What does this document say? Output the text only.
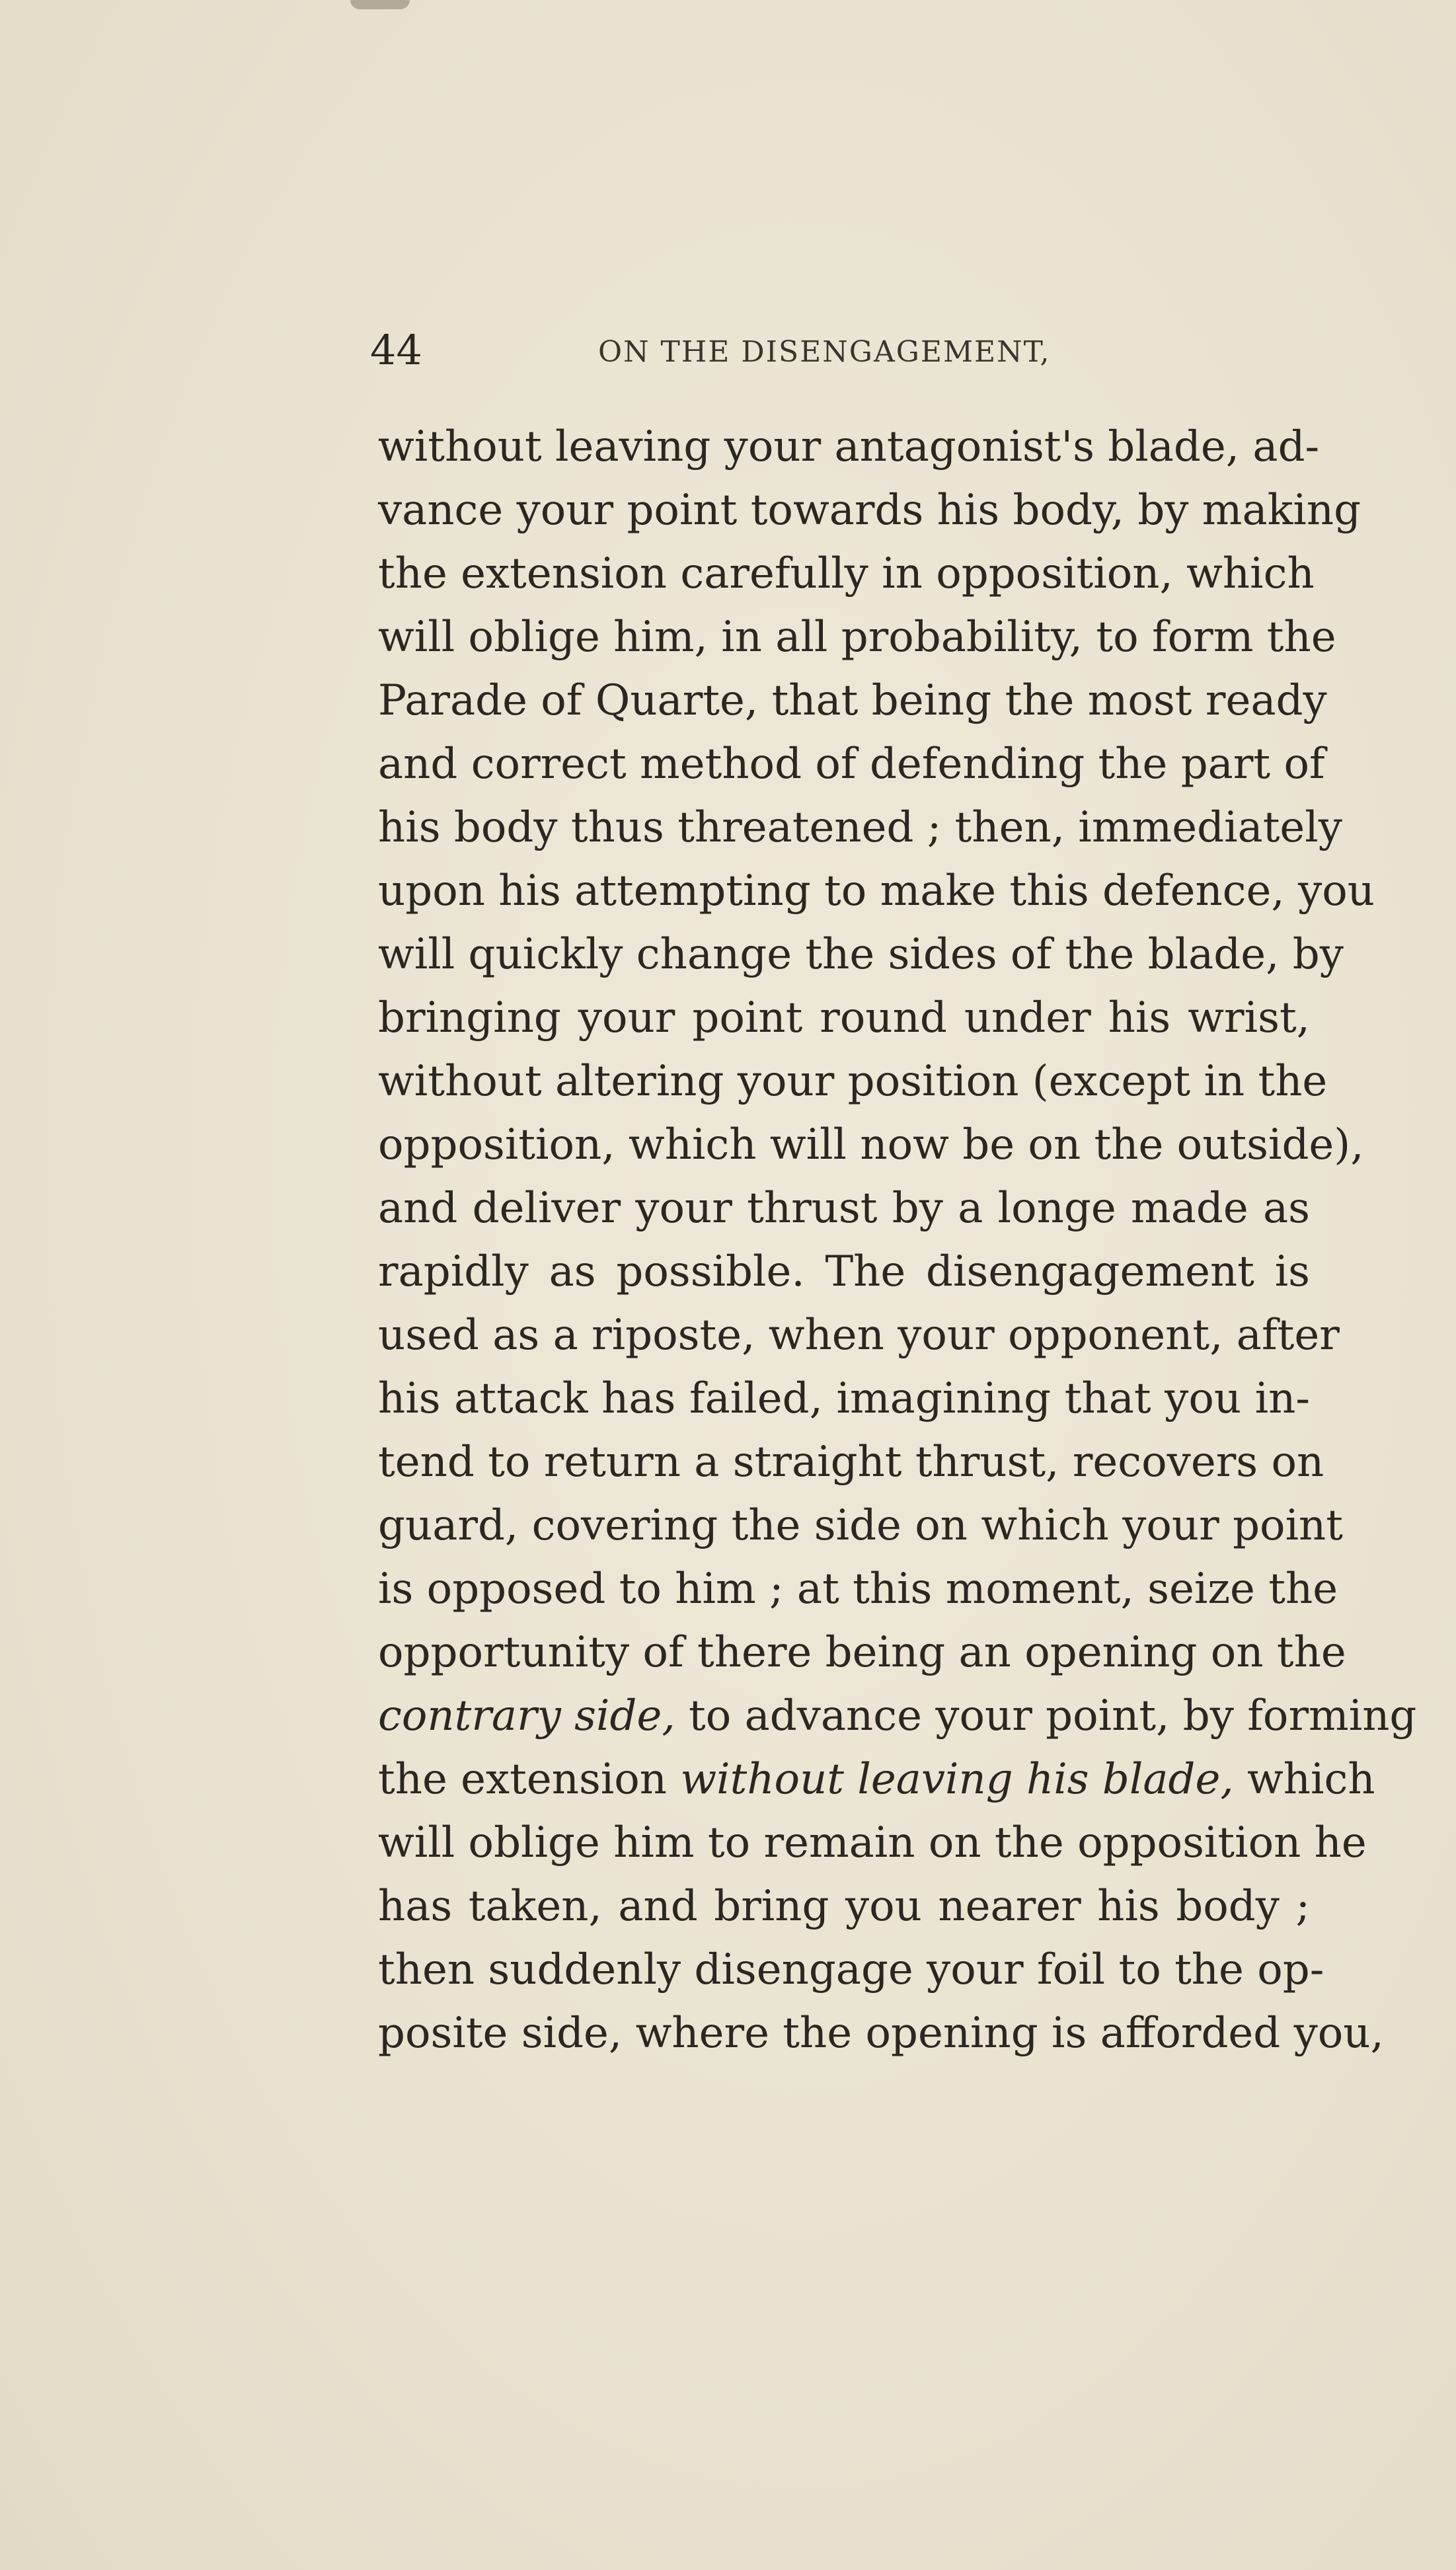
44	ON THE DISENGAGEMENT,
without leaving your antagonist's blade, ad-
vance your point towards his body, by making
the extension carefully in opposition, which
will oblige him, in all probability, to form the
Parade of Quarte, that being the most ready
and correct method of defending the part of
his body thus threatened ; then, immediately
upon his attempting to make this defence, you
will quickly change the sides of the blade, by
bringing your point round under his wrist,
without altering your position (except in the
opposition, which will now be on the outside),
and deliver your thrust by a longe made as
rapidly as possible. The disengagement is
used as a riposte, when your opponent, after
his attack has failed, imagining that you in-
tend to return a straight thrust, recovers on
guard, covering the side on which your point
is opposed to him ; at this moment, seize the
opportunity of there being an opening on the
contrary side, to advance your point, by forming
the extension without leaving his blade, which
will oblige him to remain on the opposition he
has taken, and bring you nearer his body ;
then suddenly disengage your foil to the op-
posite side, where the opening is afforded you,
